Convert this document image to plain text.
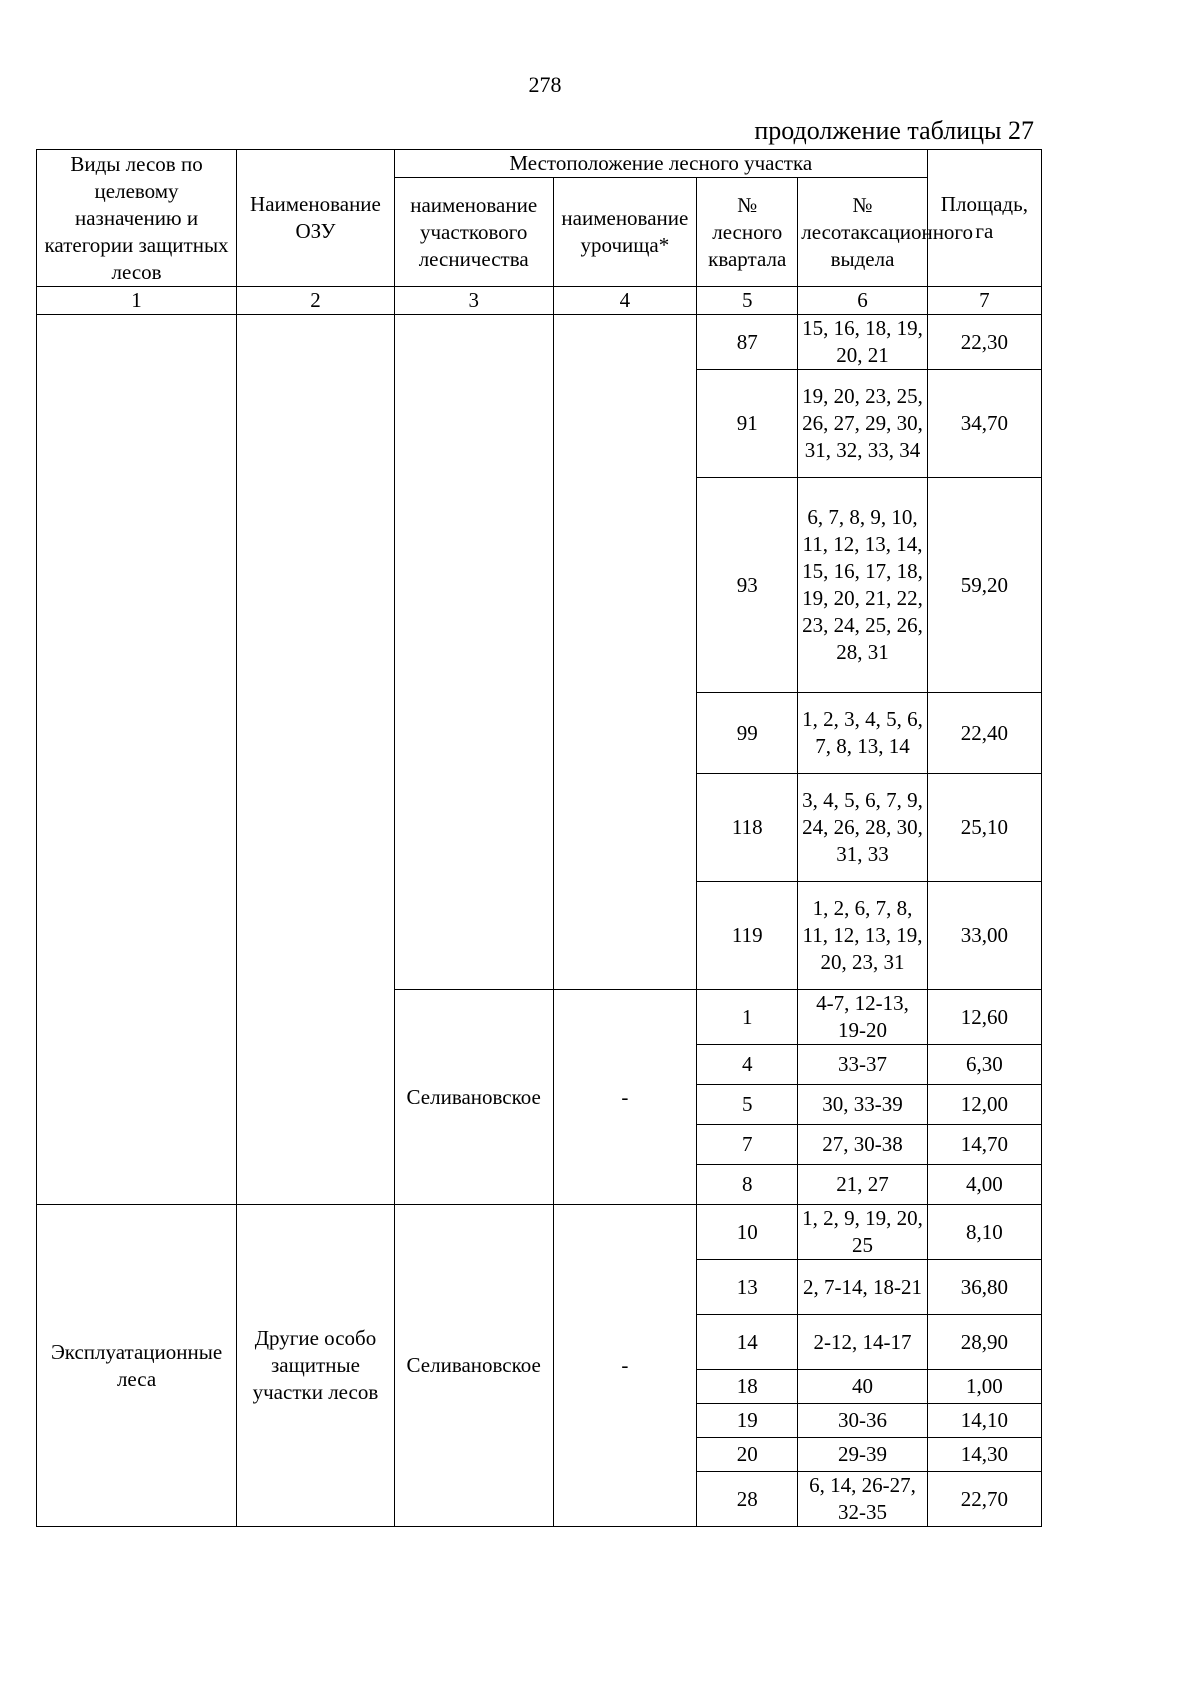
278
продолжение таблицы 27
Виды лесов по целевому назначению и категории защитных лесов	Наименование ОЗУ	Местоположение лесного участка				Площадь, га
		наименование участкового лесничества	наименование урочища*	№ лесного квартала	№ лесотаксационного выдела	
1	2	3	4	5	6	7
				87	15, 16, 18, 19, 20, 21	22,30
				91	19, 20, 23, 25, 26, 27, 29, 30, 31, 32, 33, 34	34,70
				93	6, 7, 8, 9, 10, 11, 12, 13, 14, 15, 16, 17, 18, 19, 20, 21, 22, 23, 24, 25, 26, 28, 31	59,20
				99	1, 2, 3, 4, 5, 6, 7, 8, 13, 14	22,40
				118	3, 4, 5, 6, 7, 9, 24, 26, 28, 30, 31, 33	25,10
				119	1, 2, 6, 7, 8, 11, 12, 13, 19, 20, 23, 31	33,00
		Селивановское	-	1	4-7, 12-13, 19-20	12,60
				4	33-37	6,30
				5	30, 33-39	12,00
				7	27, 30-38	14,70
				8	21, 27	4,00
Эксплуатационные леса	Другие особо защитные участки лесов	Селивановское	-	10	1, 2, 9, 19, 20, 25	8,10
				13	2, 7-14, 18-21	36,80
				14	2-12, 14-17	28,90
				18	40	1,00
				19	30-36	14,10
				20	29-39	14,30
				28	6, 14, 26-27, 32-35	22,70
